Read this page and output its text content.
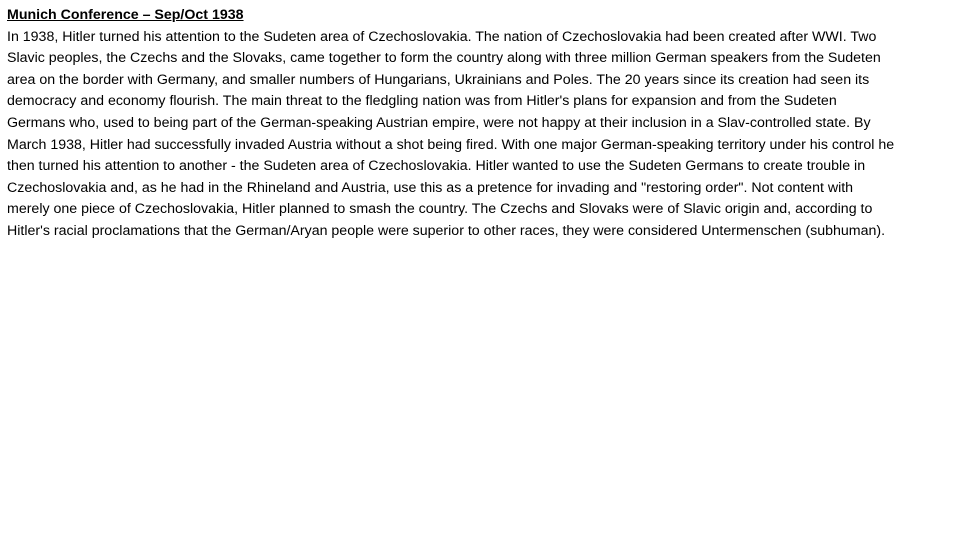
Munich Conference – Sep/Oct 1938
In 1938, Hitler turned his attention to the Sudeten area of Czechoslovakia. The nation of Czechoslovakia had been created after WWI. Two Slavic peoples, the Czechs and the Slovaks, came together to form the country along with three million German speakers from the Sudeten area on the border with Germany, and smaller numbers of Hungarians, Ukrainians and Poles. The 20 years since its creation had seen its democracy and economy flourish. The main threat to the fledgling nation was from Hitler's plans for expansion and from the Sudeten Germans who, used to being part of the German-speaking Austrian empire, were not happy at their inclusion in a Slav-controlled state. By March 1938, Hitler had successfully invaded Austria without a shot being fired. With one major German-speaking territory under his control he then turned his attention to another - the Sudeten area of Czechoslovakia. Hitler wanted to use the Sudeten Germans to create trouble in Czechoslovakia and, as he had in the Rhineland and Austria, use this as a pretence for invading and "restoring order". Not content with merely one piece of Czechoslovakia, Hitler planned to smash the country. The Czechs and Slovaks were of Slavic origin and, according to Hitler's racial proclamations that the German/Aryan people were superior to other races, they were considered Untermenschen (subhuman).
